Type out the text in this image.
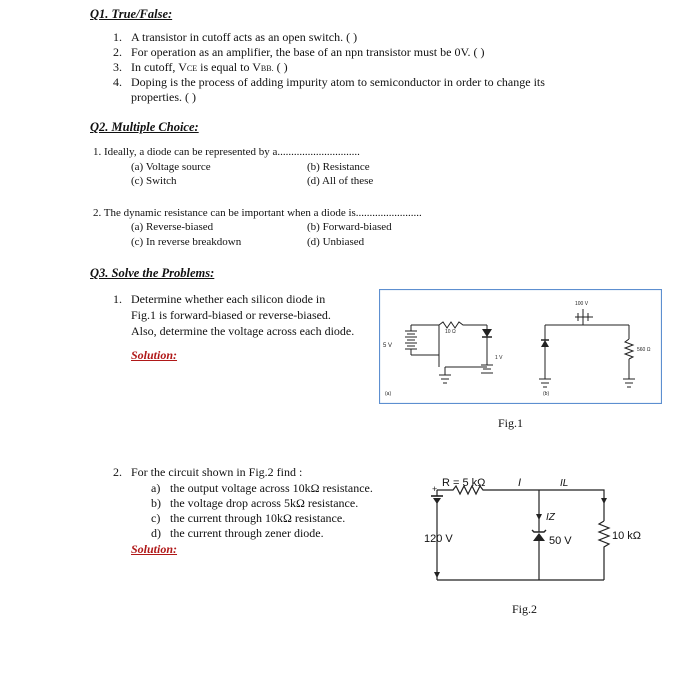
Q1. True/False:
1. A transistor in cutoff acts as an open switch. ( )
2. For operation as an amplifier, the base of an npn transistor must be 0V. ( )
3. In cutoff, VCE is equal to VBB. ( )
4. Doping is the process of adding impurity atom to semiconductor in order to change its
properties. ( )
Q2. Multiple Choice:
1. Ideally, a diode can be represented by a..............................
(a) Voltage source	(b) Resistance
(c) Switch	(d) All of these
2. The dynamic resistance can be important when a diode is........................
(a) Reverse-biased	(b) Forward-biased
(c) In reverse breakdown	(d) Unbiased
Q3. Solve the Problems:
1. Determine whether each silicon diode in
Fig.1 is forward-biased or reverse-biased.
Also, determine the voltage across each diode.
Solution:
5 V
10 Ω
1 V
100 V
560 Ω
(a)	(b)
Fig.1
2. For the circuit shown in Fig.2 find :
a) the output voltage across 10kΩ resistance.
b) the voltage drop across 5kΩ resistance.
c) the current through 10kΩ resistance.
d) the current through zener diode.
Solution:
+ R = 5 kΩ	I	IL
IZ
120 V	50 V	10 kΩ
Fig.2
